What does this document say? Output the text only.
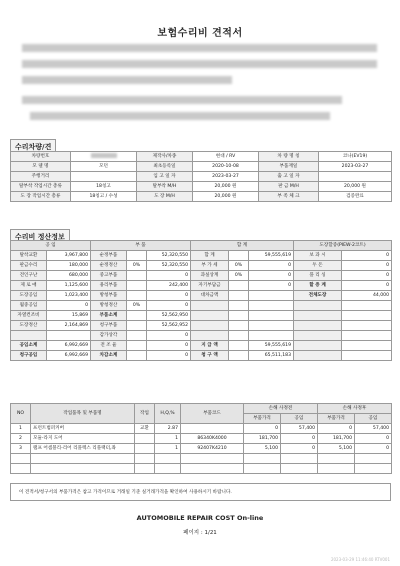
보험수리비 견적서
수리차량/견
차량번호		제작사/차종	현대 / RV	차 량 명 칭	코나(EV19)
모 델 명	모던	최초등록일	2020-10-08	부품재일	2023-03-27
주행거리		입 고 일 자	2023-03-27	출 고 일 자	
탈부착 작업시간 총류	18칭고	탈부착 M/H	20,000 원	판 금 M/H	20,000 원
도 장 작업시간 총류	18칭고 / 수성	도 장 M/H	20,000 원	부 족 체 크	검증완료
수리비 정산정보
공 임		부 품			합 계			도장할증(PIEW-2코트)	
탈착교환	3,967,800	순정부품		52,320,550	합 계		59,555,619	보 과 시	0
판금수리	180,000	순정정산	0%	52,320,550	부 가 세	0%	0	두 돈	0
견인구난	680,000	중고부품		0	과실상계	0%	0	플 리 싱	0
제 로 애	1,125,600	용리부품		242,400	자기부담금		0	할 증 계	0
도장공임	1,023,400	방청부품		0	대차금액			전체도장	44,000
월중공임	0	방청정산	0%	0					
자열컨조비	15,869	부품소계		52,562,950					
도장정산	2,164,869	청구부품		52,562,952					
		감가상각		0					
공임소계	6,992,669	전 조 율		0	지 급 액		59,555,619		
청구공임	6,992,669	차감소계		0	청 구 액		65,511,183		
NO	작업품목 및 부품명	작업	H,Q,%	부품코드	손해 사정전		손해 사정후	
					부품가격	공임	부품가격	공임
1	프런트범퍼커버	교환	2.87		0	57,400	0	57,400
2	모듈-라지 도어		1	86340K4000	181,700	0	181,700	0
3	램프 어셈블리-리어 리플렉스 리플랙터,좌		1	92407K4210	5,100	0	5,100	0

이 견적서/청구서의 부품가격은 참고 가격이므로 거래일 기준 실거래가격을 확인하여 사용하시기 바랍니다.
AUTOMOBILE REPAIR COST On-line
페이지 : 1/21
2023-03-29 11:46:40 RTV001
